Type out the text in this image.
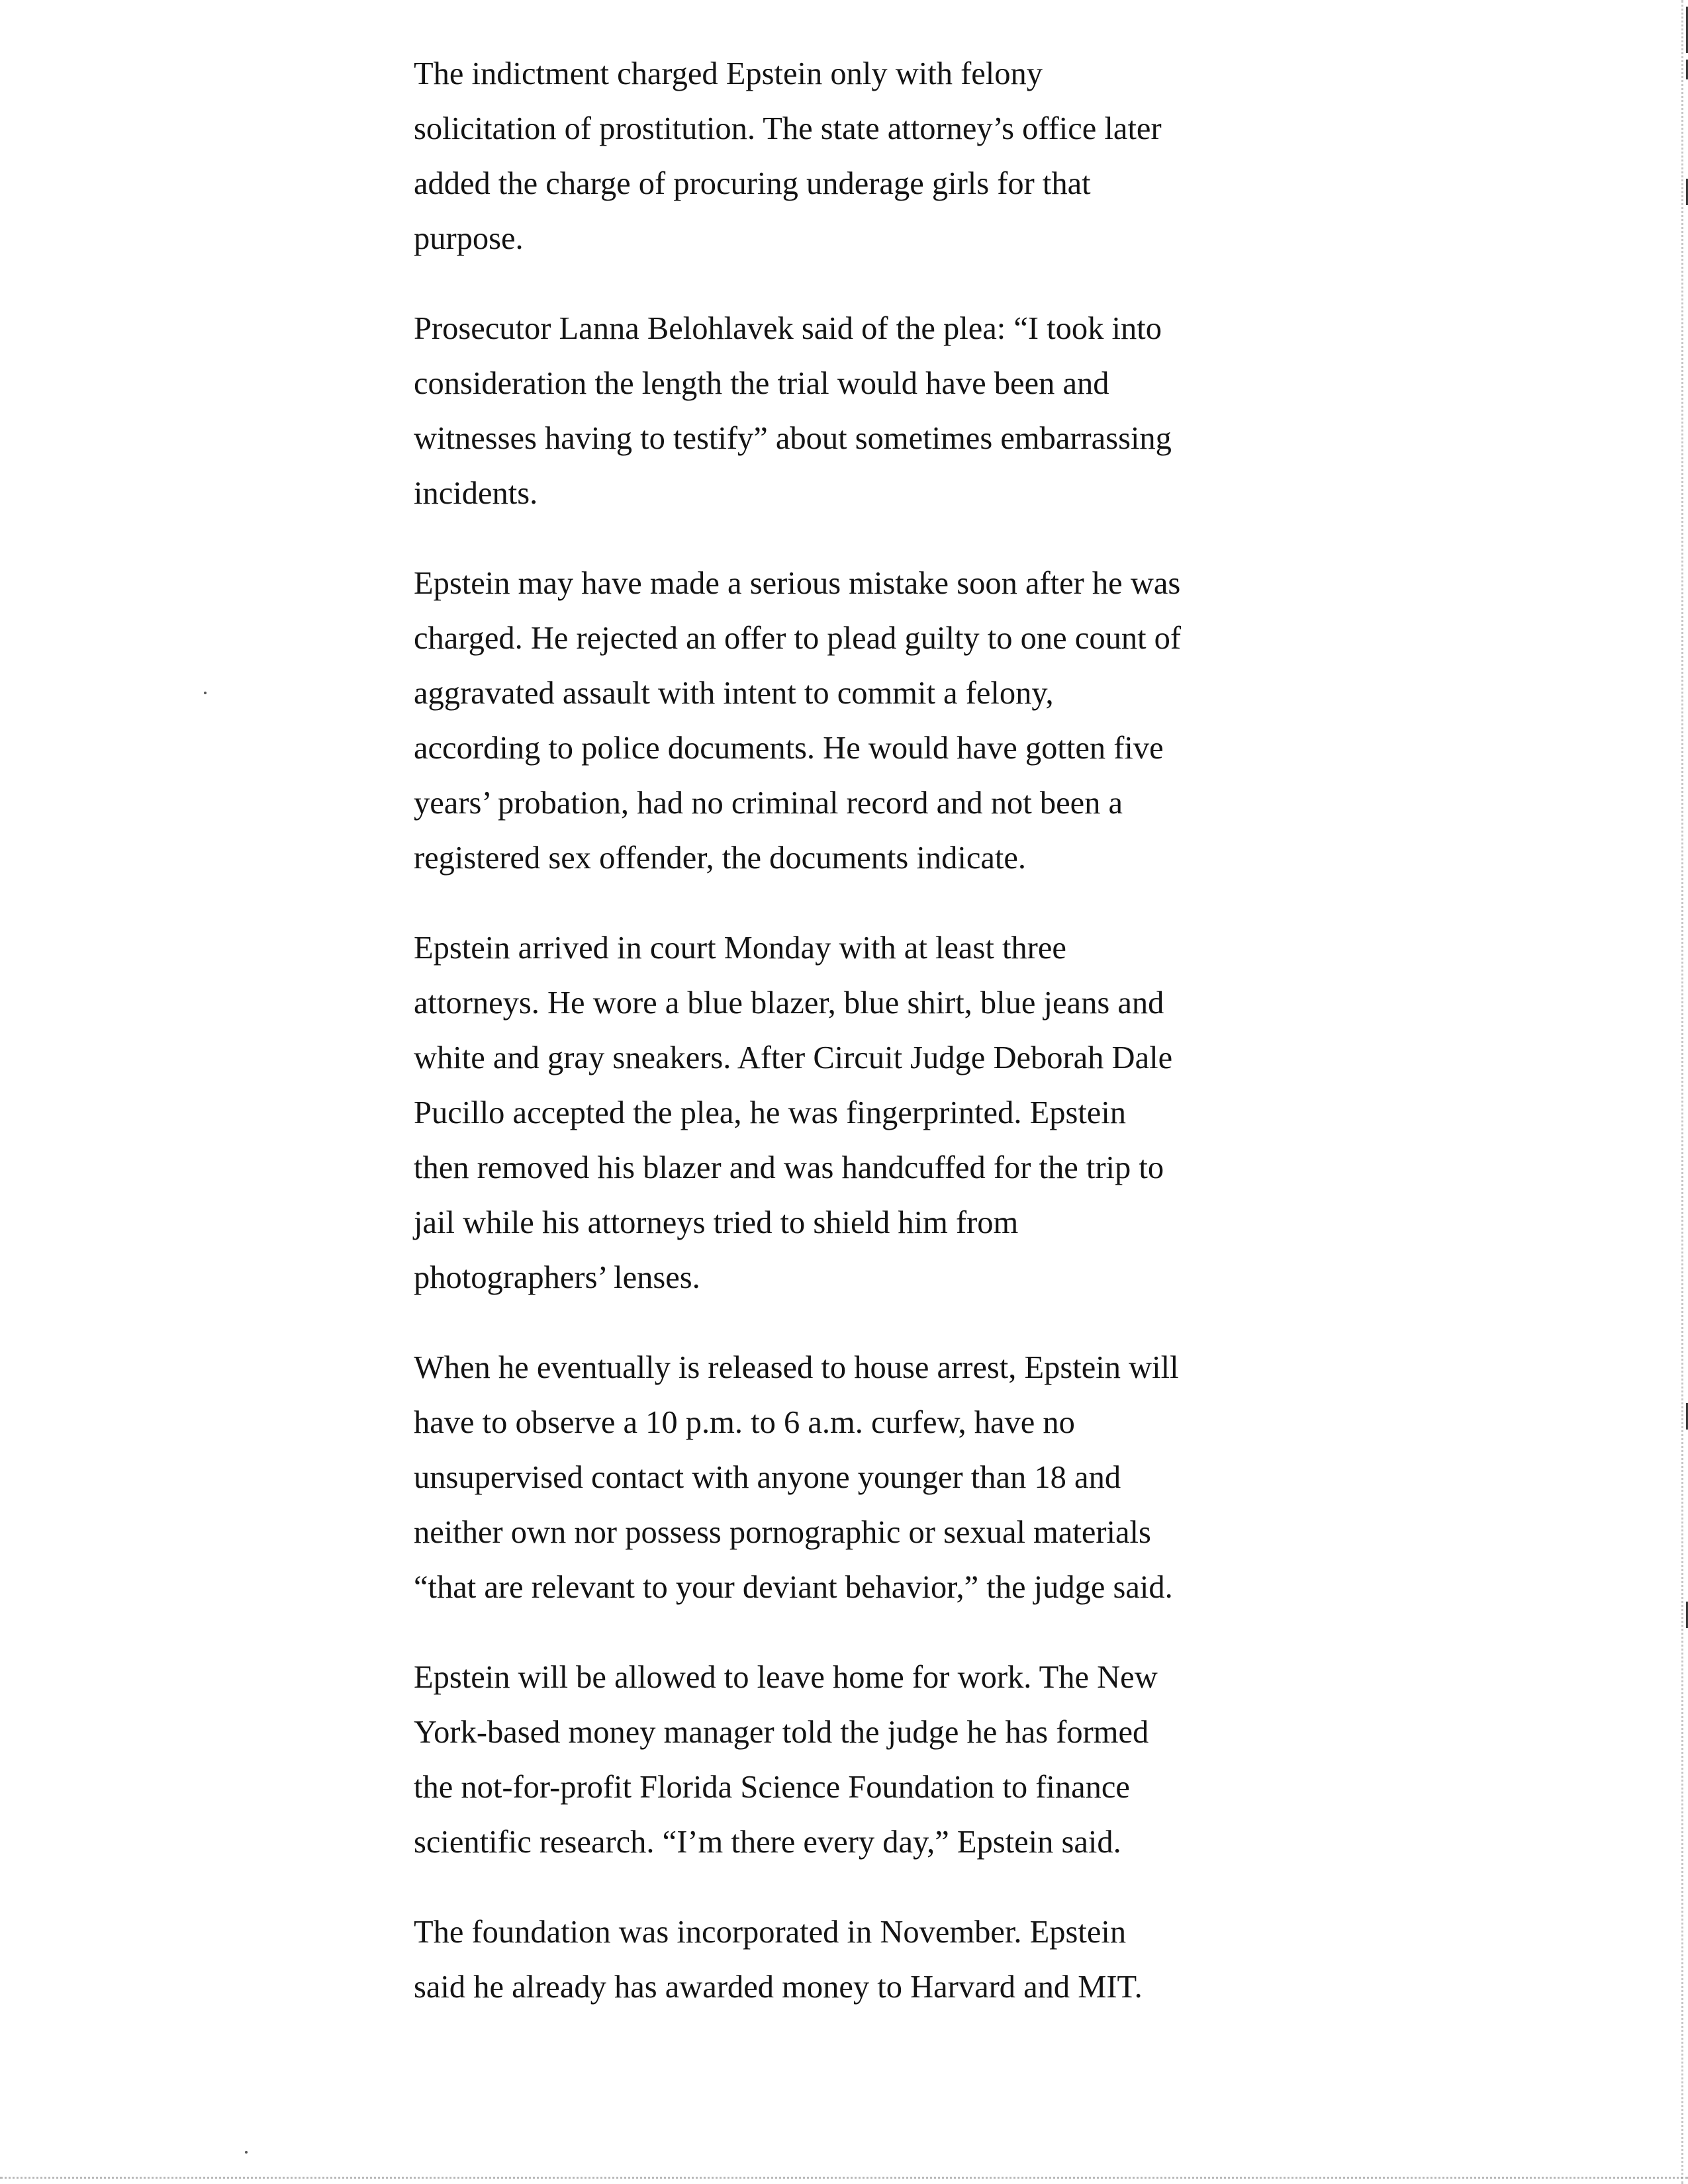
The indictment charged Epstein only with felony
solicitation of prostitution. The state attorney’s office later
added the charge of procuring underage girls for that
purpose.

Prosecutor Lanna Belohlavek said of the plea: “I took into
consideration the length the trial would have been and
witnesses having to testify” about sometimes embarrassing
incidents.

Epstein may have made a serious mistake soon after he was
charged. He rejected an offer to plead guilty to one count of
aggravated assault with intent to commit a felony,
according to police documents. He would have gotten five
years’ probation, had no criminal record and not been a
registered sex offender, the documents indicate.

Epstein arrived in court Monday with at least three
attorneys. He wore a blue blazer, blue shirt, blue jeans and
white and gray sneakers. After Circuit Judge Deborah Dale
Pucillo accepted the plea, he was fingerprinted. Epstein
then removed his blazer and was handcuffed for the trip to
jail while his attorneys tried to shield him from
photographers’ lenses.

When he eventually is released to house arrest, Epstein will
have to observe a 10 p.m. to 6 a.m. curfew, have no
unsupervised contact with anyone younger than 18 and
neither own nor possess pornographic or sexual materials
“that are relevant to your deviant behavior,” the judge said.

Epstein will be allowed to leave home for work. The New
York-based money manager told the judge he has formed
the not-for-profit Florida Science Foundation to finance
scientific research. “I’m there every day,” Epstein said.

The foundation was incorporated in November. Epstein
said he already has awarded money to Harvard and MIT.
